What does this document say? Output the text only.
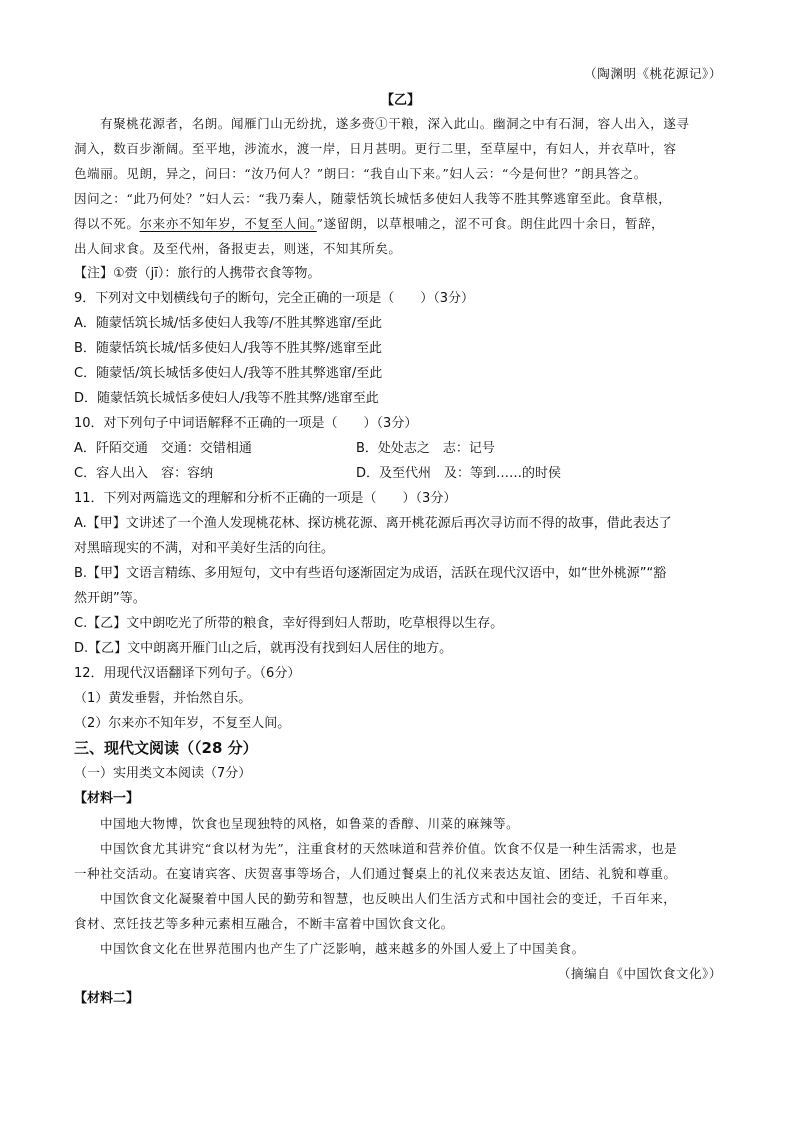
（陶渊明《桃花源记》）
【乙】
有聚桃花源者，名朗。闻雁门山无纷扰，遂多赍①干粮，深入此山。幽洞之中有石洞，容人出入，遂寻
洞入，数百步渐阔。至平地，涉流水，渡一岸，日月甚明。更行二里，至草屋中，有妇人，并衣草叶，容
色端丽。见朗，异之，问曰：“汝乃何人？”朗曰：“我自山下来。”妇人云：“今是何世？”朗具答之。
因问之：“此乃何处？”妇人云：“我乃秦人，随蒙恬筑长城恬多使妇人我等不胜其弊逃窜至此。食草根，
得以不死。尔来亦不知年岁，不复至人间。”遂留朗，以草根哺之，涩不可食。朗住此四十余日，暂辞，
出人间求食。及至代州，备报吏去，则迷，不知其所矣。
【注】①赍（jī）：旅行的人携带衣食等物。
9．下列对文中划横线句子的断句，完全正确的一项是（　　）（3分）
A．随蒙恬筑长城/恬多使妇人我等/不胜其弊逃窜/至此
B．随蒙恬筑长城/恬多使妇人/我等不胜其弊/逃窜至此
C．随蒙恬/筑长城恬多使妇人/我等不胜其弊逃窜/至此
D．随蒙恬筑长城恬多使妇人/我等不胜其弊/逃窜至此
10．对下列句子中词语解释不正确的一项是（　　）（3分）
A．阡陌交通　交通：交错相通	B．处处志之　志：记号
C．容人出入　容：容纳	D．及至代州　及：等到……的时侯
11．下列对两篇选文的理解和分析不正确的一项是（　　）（3分）
A.【甲】文讲述了一个渔人发现桃花林、探访桃花源、离开桃花源后再次寻访而不得的故事，借此表达了
对黑暗现实的不满，对和平美好生活的向往。
B.【甲】文语言精练、多用短句，文中有些语句逐渐固定为成语，活跃在现代汉语中，如“世外桃源”“豁
然开朗”等。
C.【乙】文中朗吃光了所带的粮食，幸好得到妇人帮助，吃草根得以生存。
D.【乙】文中朗离开雁门山之后，就再没有找到妇人居住的地方。
12．用现代汉语翻译下列句子。（6分）
（1）黄发垂髫，并怡然自乐。
（2）尔来亦不知年岁，不复至人间。
三、现代文阅读（（28 分）
（一）实用类文本阅读（7分）
【材料一】
中国地大物博，饮食也呈现独特的风格，如鲁菜的香醇、川菜的麻辣等。
中国饮食尤其讲究“食以材为先”，注重食材的天然味道和营养价值。饮食不仅是一种生活需求，也是
一种社交活动。在宴请宾客、庆贺喜事等场合，人们通过餐桌上的礼仪来表达友谊、团结、礼貌和尊重。
中国饮食文化凝聚着中国人民的勤劳和智慧，也反映出人们生活方式和中国社会的变迁，千百年来，
食材、烹饪技艺等多种元素相互融合，不断丰富着中国饮食文化。
中国饮食文化在世界范围内也产生了广泛影响，越来越多的外国人爱上了中国美食。
（摘编自《中国饮食文化》）
【材料二】
